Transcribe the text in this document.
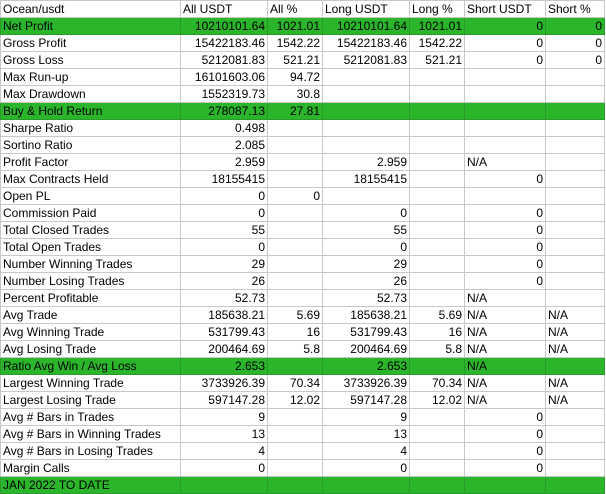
Ocean/usdt	All USDT	All %	Long USDT	Long %	Short USDT	Short %
Net Profit	10210101.64	1021.01	10210101.64	1021.01	0	0
Gross Profit	15422183.46	1542.22	15422183.46	1542.22	0	0
Gross Loss	5212081.83	521.21	5212081.83	521.21	0	0
Max Run-up	16101603.06	94.72				
Max Drawdown	1552319.73	30.8				
Buy & Hold Return	278087.13	27.81				
Sharpe Ratio	0.498					
Sortino Ratio	2.085					
Profit Factor	2.959		2.959		N/A	
Max Contracts Held	18155415		18155415		0	
Open PL	0	0				
Commission Paid	0		0		0	
Total Closed Trades	55		55		0	
Total Open Trades	0		0		0	
Number Winning Trades	29		29		0	
Number Losing Trades	26		26		0	
Percent Profitable	52.73		52.73		N/A	
Avg Trade	185638.21	5.69	185638.21	5.69	N/A	N/A
Avg Winning Trade	531799.43	16	531799.43	16	N/A	N/A
Avg Losing Trade	200464.69	5.8	200464.69	5.8	N/A	N/A
Ratio Avg Win / Avg Loss	2.653		2.653		N/A	
Largest Winning Trade	3733926.39	70.34	3733926.39	70.34	N/A	N/A
Largest Losing Trade	597147.28	12.02	597147.28	12.02	N/A	N/A
Avg # Bars in Trades	9		9		0	
Avg # Bars in Winning Trades	13		13		0	
Avg # Bars in Losing Trades	4		4		0	
Margin Calls	0		0		0	
JAN 2022 TO DATE						
